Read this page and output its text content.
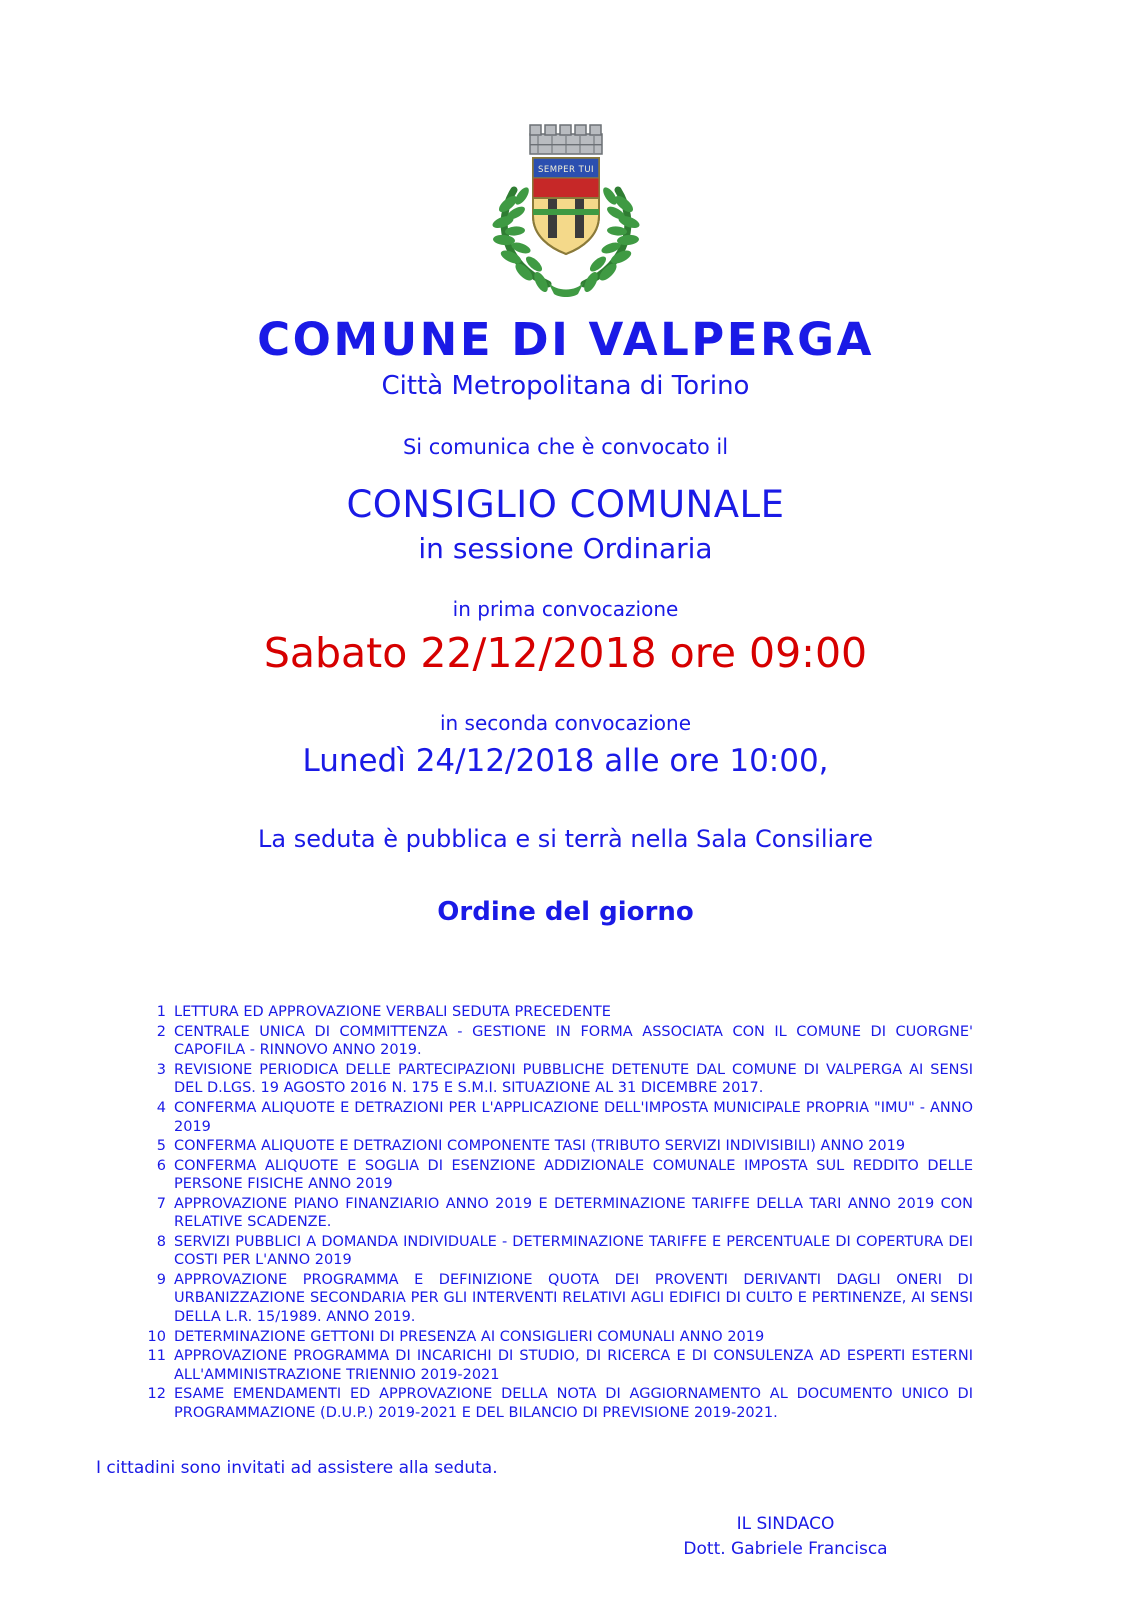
SEMPER TUI
COMUNE DI VALPERGA
Città Metropolitana di Torino
Si comunica che è convocato il
CONSIGLIO COMUNALE
in sessione Ordinaria
in prima convocazione
Sabato 22/12/2018 ore 09:00
in seconda convocazione
Lunedì 24/12/2018 alle ore 10:00,
La seduta è pubblica e si terrà nella Sala Consiliare
Ordine del giorno
1 LETTURA ED APPROVAZIONE VERBALI SEDUTA PRECEDENTE
2 CENTRALE UNICA DI COMMITTENZA - GESTIONE IN FORMA ASSOCIATA CON IL COMUNE DI CUORGNE' CAPOFILA - RINNOVO ANNO 2019.
3 REVISIONE PERIODICA DELLE PARTECIPAZIONI PUBBLICHE DETENUTE DAL COMUNE DI VALPERGA AI SENSI DEL D.LGS. 19 AGOSTO 2016 N. 175 E S.M.I. SITUAZIONE AL 31 DICEMBRE 2017.
4 CONFERMA ALIQUOTE E DETRAZIONI PER L'APPLICAZIONE DELL'IMPOSTA MUNICIPALE PROPRIA "IMU" - ANNO 2019
5 CONFERMA ALIQUOTE E DETRAZIONI COMPONENTE TASI (TRIBUTO SERVIZI INDIVISIBILI) ANNO 2019
6 CONFERMA ALIQUOTE E SOGLIA DI ESENZIONE ADDIZIONALE COMUNALE IMPOSTA SUL REDDITO DELLE PERSONE FISICHE ANNO 2019
7 APPROVAZIONE PIANO FINANZIARIO ANNO 2019 E DETERMINAZIONE TARIFFE DELLA TARI ANNO 2019 CON RELATIVE SCADENZE.
8 SERVIZI PUBBLICI A DOMANDA INDIVIDUALE - DETERMINAZIONE TARIFFE E PERCENTUALE DI COPERTURA DEI COSTI PER L'ANNO 2019
9 APPROVAZIONE PROGRAMMA E DEFINIZIONE QUOTA DEI PROVENTI DERIVANTI DAGLI ONERI DI URBANIZZAZIONE SECONDARIA PER GLI INTERVENTI RELATIVI AGLI EDIFICI DI CULTO E PERTINENZE, AI SENSI DELLA L.R. 15/1989. ANNO 2019.
10 DETERMINAZIONE GETTONI DI PRESENZA AI CONSIGLIERI COMUNALI ANNO 2019
11 APPROVAZIONE PROGRAMMA DI INCARICHI DI STUDIO, DI RICERCA E DI CONSULENZA AD ESPERTI ESTERNI ALL'AMMINISTRAZIONE TRIENNIO 2019-2021
12 ESAME EMENDAMENTI ED APPROVAZIONE DELLA NOTA DI AGGIORNAMENTO AL DOCUMENTO UNICO DI PROGRAMMAZIONE (D.U.P.) 2019-2021 E DEL BILANCIO DI PREVISIONE 2019-2021.
I cittadini sono invitati ad assistere alla seduta.
IL SINDACO
Dott. Gabriele Francisca
